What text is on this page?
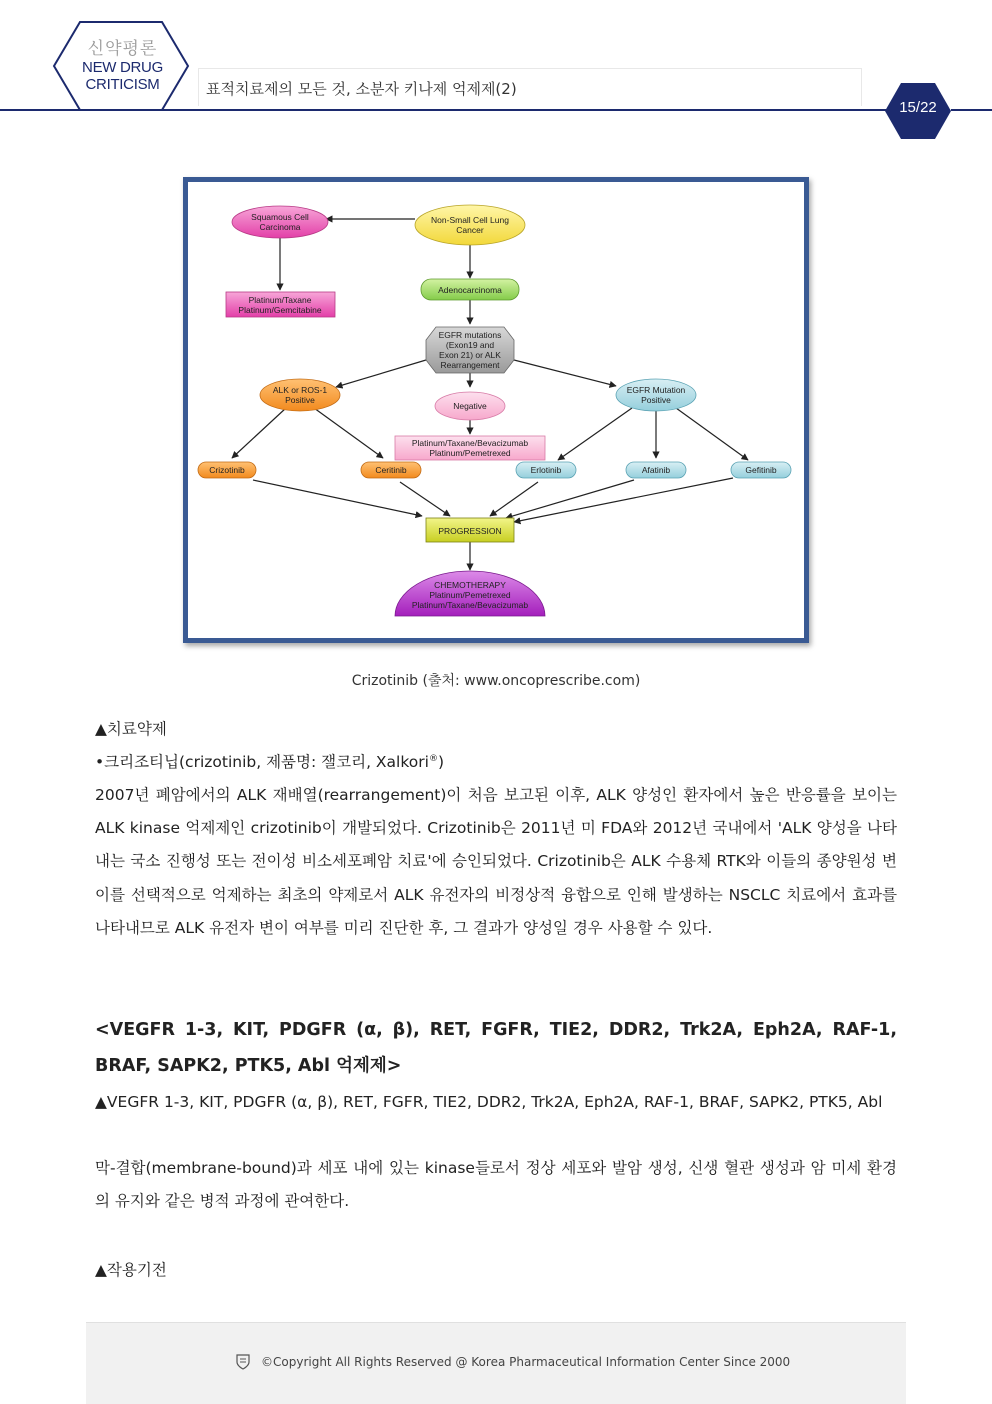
신약평론
NEW DRUG
CRITICISM	표적치료제의 모든 것, 소분자 키나제 억제제(2)
15/22
Squamous Cell
Carcinoma
Non-Small Cell Lung
Cancer
Platinum/Taxane
Platinum/Gemcitabine
Adenocarcinoma
EGFR mutations
(Exon19 and
Exon 21) or ALK
Rearrangement
ALK or ROS-1
Positive
Negative
EGFR Mutation
Positive
Platinum/Taxane/Bevacizumab
Platinum/Pemetrexed
Crizotinib	Ceritinib	Erlotinib	Afatinib	Gefitinib
PROGRESSION
CHEMOTHERAPY
Platinum/Pemetrexed
Platinum/Taxane/Bevacizumab
Crizotinib (출처: www.oncoprescribe.com)
▲치료약제
•크리조티닙(crizotinib, 제품명: 잴코리, Xalkori®)
2007년 폐암에서의 ALK 재배열(rearrangement)이 처음 보고된 이후, ALK 양성인 환자에서 높은 반응률을 보이는 ALK kinase 억제제인 crizotinib이 개발되었다. Crizotinib은 2011년 미 FDA와 2012년 국내에서 'ALK 양성을 나타내는 국소 진행성 또는 전이성 비소세포폐암 치료'에 승인되었다. Crizotinib은 ALK 수용체 RTK와 이들의 종양원성 변이를 선택적으로 억제하는 최초의 약제로서 ALK 유전자의 비정상적 융합으로 인해 발생하는 NSCLC 치료에서 효과를 나타내므로 ALK 유전자 변이 여부를 미리 진단한 후, 그 결과가 양성일 경우 사용할 수 있다.
<VEGFR 1-3, KIT, PDGFR (α, β), RET, FGFR, TIE2, DDR2, Trk2A, Eph2A, RAF-1, BRAF, SAPK2, PTK5, Abl 억제제>
▲VEGFR 1-3, KIT, PDGFR (α, β), RET, FGFR, TIE2, DDR2, Trk2A, Eph2A, RAF-1, BRAF, SAPK2, PTK5, Abl
막-결합(membrane-bound)과 세포 내에 있는 kinase들로서 정상 세포와 발암 생성, 신생 혈관 생성과 암 미세 환경의 유지와 같은 병적 과정에 관여한다.
▲작용기전
©Copyright All Rights Reserved @ Korea Pharmaceutical Information Center Since 2000
